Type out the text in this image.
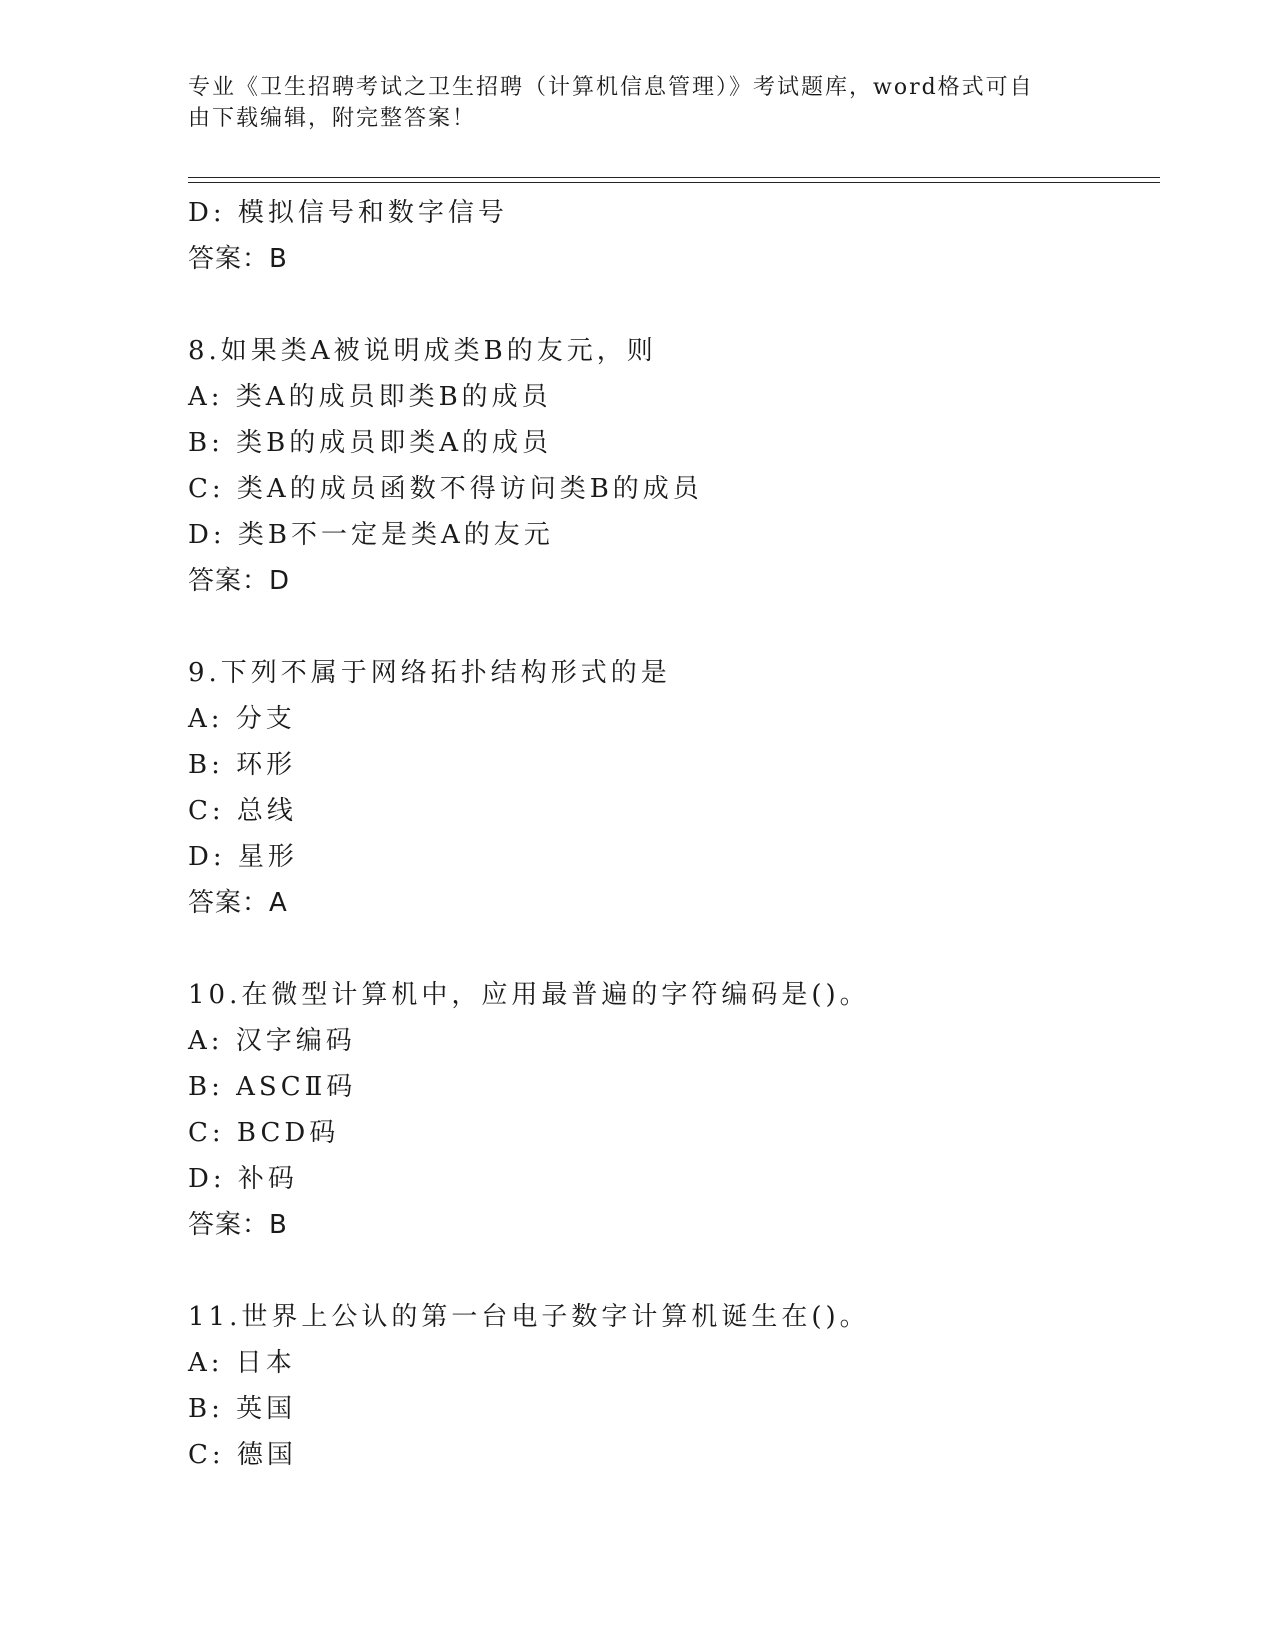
专业《卫生招聘考试之卫生招聘（计算机信息管理）》考试题库，word格式可自
由下载编辑，附完整答案！
D: 模拟信号和数字信号
答案：B
8.如果类A被说明成类B的友元，则
A: 类A的成员即类B的成员
B: 类B的成员即类A的成员
C: 类A的成员函数不得访问类B的成员
D: 类B不一定是类A的友元
答案：D
9.下列不属于网络拓扑结构形式的是
A: 分支
B: 环形
C: 总线
D: 星形
答案：A
10.在微型计算机中，应用最普遍的字符编码是()。
A: 汉字编码
B: ASCⅡ码
C: BCD码
D: 补码
答案：B
11.世界上公认的第一台电子数字计算机诞生在()。
A: 日本
B: 英国
C: 德国
